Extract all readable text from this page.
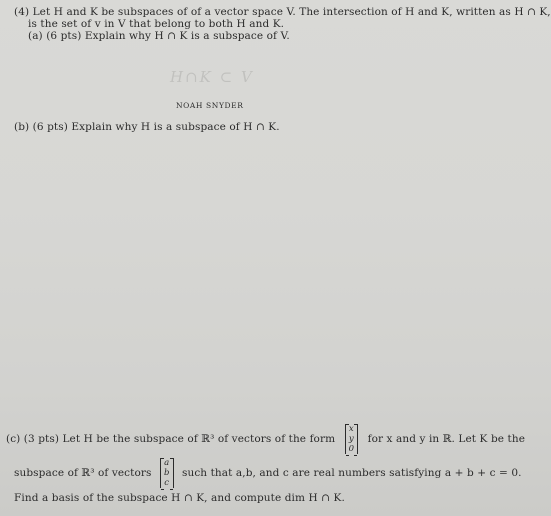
(4) Let H and K be subspaces of of a vector space V. The intersection of H and K, written as H ∩ K,
is the set of v in V that belong to both H and K.
(a) (6 pts) Explain why H ∩ K is a subspace of V.
H∩K ⊂ V
NOAH SNYDER
(b) (6 pts) Explain why H is a subspace of H ∩ K.
(c) (3 pts) Let H be the subspace of ℝ³ of vectors of the form
x
y
0
for x and y in ℝ. Let K be the
subspace of ℝ³ of vectors
a
b
c
such that a,b, and c are real numbers satisfying a + b + c = 0.
Find a basis of the subspace H ∩ K, and compute dim H ∩ K.
